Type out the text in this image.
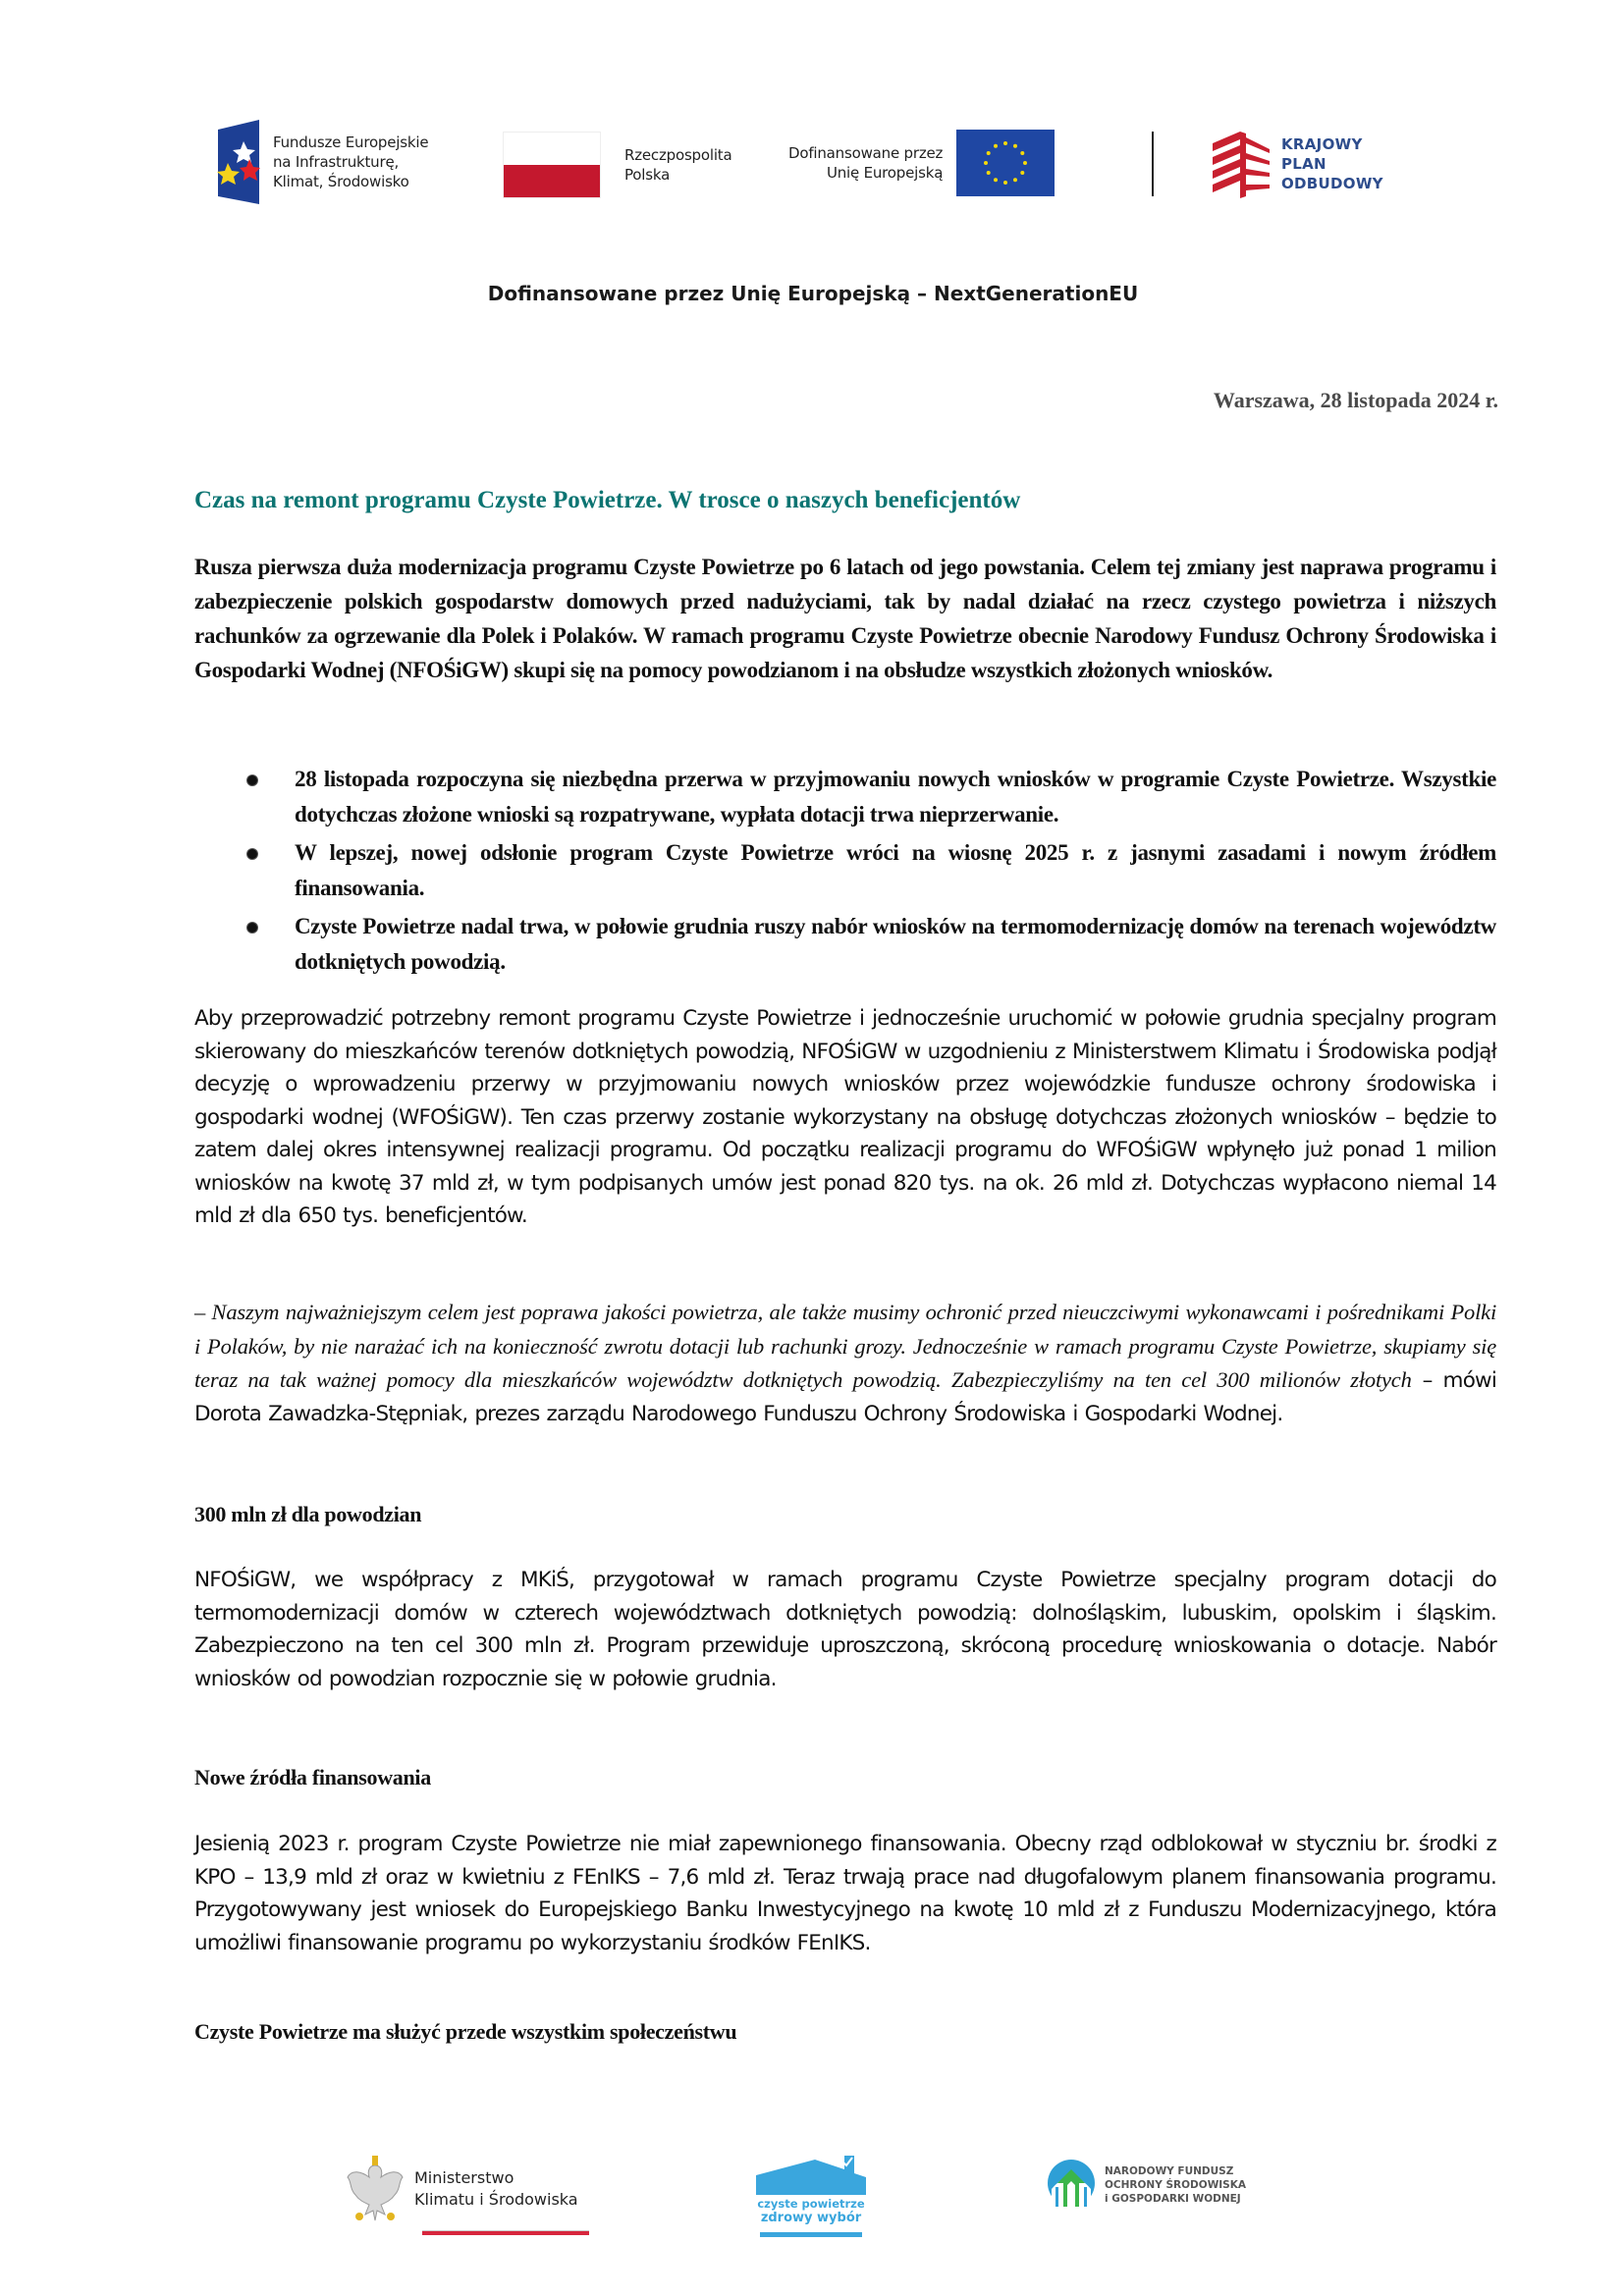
Fundusze Europejskie
na Infrastrukturę,
Klimat, Środowisko
Rzeczpospolita
Polska
Dofinansowane przez
Unię Europejską
KRAJOWY
PLAN
ODBUDOWY
Dofinansowane przez Unię Europejską – NextGenerationEU
Warszawa, 28 listopada 2024 r.
Czas na remont programu Czyste Powietrze. W trosce o naszych beneficjentów

Rusza pierwsza duża modernizacja programu Czyste Powietrze po 6 latach od jego powstania. Celem tej zmiany jest naprawa programu i zabezpieczenie polskich gospodarstw domowych przed nadużyciami, tak by nadal działać na rzecz czystego powietrza i niższych rachunków za ogrzewanie dla Polek i Polaków. W ramach programu Czyste Powietrze obecnie Narodowy Fundusz Ochrony Środowiska i Gospodarki Wodnej (NFOŚiGW) skupi się na pomocy powodzianom i na obsłudze wszystkich złożonych wniosków.

28 listopada rozpoczyna się niezbędna przerwa w przyjmowaniu nowych wniosków w programie Czyste Powietrze. Wszystkie dotychczas złożone wnioski są rozpatrywane, wypłata dotacji trwa nieprzerwanie.
W lepszej, nowej odsłonie program Czyste Powietrze wróci na wiosnę 2025 r. z jasnymi zasadami i nowym źródłem finansowania.
Czyste Powietrze nadal trwa, w połowie grudnia ruszy nabór wniosków na termomodernizację domów na terenach województw dotkniętych powodzią.

Aby przeprowadzić potrzebny remont programu Czyste Powietrze i jednocześnie uruchomić w połowie grudnia specjalny program skierowany do mieszkańców terenów dotkniętych powodzią, NFOŚiGW w uzgodnieniu z Ministerstwem Klimatu i Środowiska podjął decyzję o wprowadzeniu przerwy w przyjmowaniu nowych wniosków przez wojewódzkie fundusze ochrony środowiska i gospodarki wodnej (WFOŚiGW). Ten czas przerwy zostanie wykorzystany na obsługę dotychczas złożonych wniosków – będzie to zatem dalej okres intensywnej realizacji programu. Od początku realizacji programu do WFOŚiGW wpłynęło już ponad 1 milion wniosków na kwotę 37 mld zł, w tym podpisanych umów jest ponad 820 tys. na ok. 26 mld zł. Dotychczas wypłacono niemal 14 mld zł dla 650 tys. beneficjentów.

– Naszym najważniejszym celem jest poprawa jakości powietrza, ale także musimy ochronić przed nieuczciwymi wykonawcami i pośrednikami Polki i Polaków, by nie narażać ich na konieczność zwrotu dotacji lub rachunki grozy. Jednocześnie w ramach programu Czyste Powietrze, skupiamy się teraz na tak ważnej pomocy dla mieszkańców województw dotkniętych powodzią. Zabezpieczyliśmy na ten cel 300 milionów złotych – mówi Dorota Zawadzka-Stępniak, prezes zarządu Narodowego Funduszu Ochrony Środowiska i Gospodarki Wodnej.

300 mln zł dla powodzian

NFOŚiGW, we współpracy z MKiŚ, przygotował w ramach programu Czyste Powietrze specjalny program dotacji do termomodernizacji domów w czterech województwach dotkniętych powodzią: dolnośląskim, lubuskim, opolskim i śląskim. Zabezpieczono na ten cel 300 mln zł. Program przewiduje uproszczoną, skróconą procedurę wnioskowania o dotacje. Nabór wniosków od powodzian rozpocznie się w połowie grudnia.

Nowe źródła finansowania

Jesienią 2023 r. program Czyste Powietrze nie miał zapewnionego finansowania. Obecny rząd odblokował w styczniu br. środki z KPO – 13,9 mld zł oraz w kwietniu z FEnIKS – 7,6 mld zł. Teraz trwają prace nad długofalowym planem finansowania programu. Przygotowywany jest wniosek do Europejskiego Banku Inwestycyjnego na kwotę 10 mld zł z Funduszu Modernizacyjnego, która umożliwi finansowanie programu po wykorzystaniu środków FEnIKS.

Czyste Powietrze ma służyć przede wszystkim społeczeństwu
Ministerstwo
Klimatu i Środowiska	czyste powietrze
zdrowy wybór
NARODOWY FUNDUSZ
OCHRONY ŚRODOWISKA
i GOSPODARKI WODNEJ
